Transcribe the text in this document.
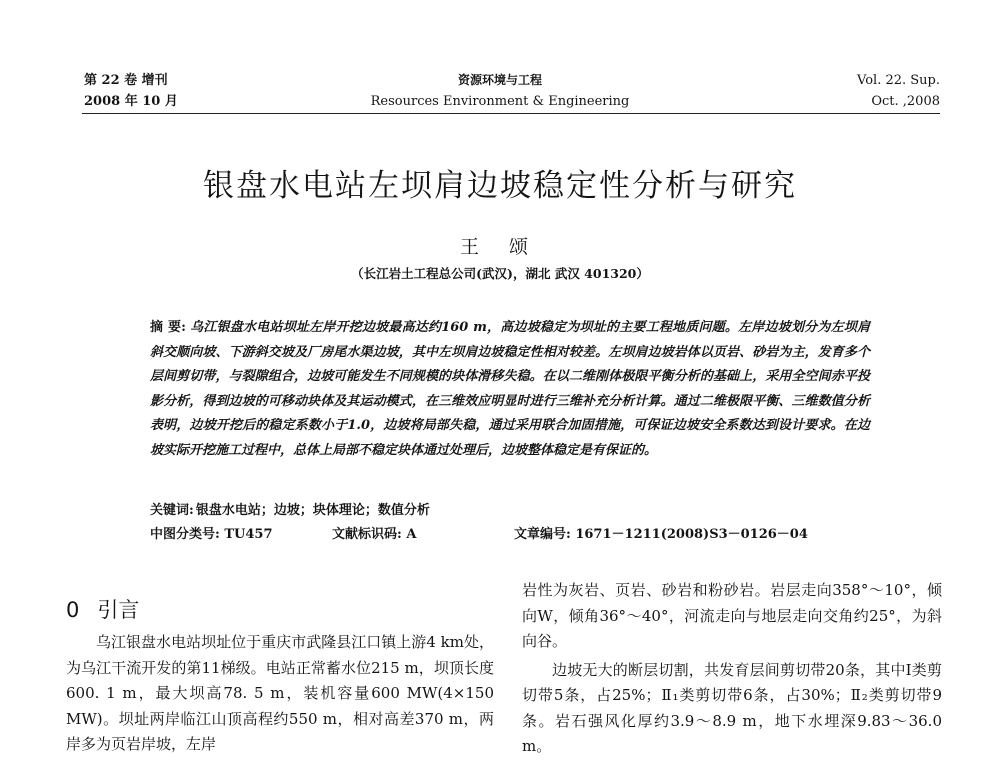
第 22 卷 增刊
2008 年 10 月
资源环境与工程
Resources Environment & Engineering
Vol. 22. Sup.
Oct. ,2008
银盘水电站左坝肩边坡稳定性分析与研究
王 颂
（长江岩土工程总公司(武汉)，湖北 武汉 401320）
摘 要: 乌江银盘水电站坝址左岸开挖边坡最高达约160 m，高边坡稳定为坝址的主要工程地质问题。左岸边坡划分为左坝肩斜交顺向坡、下游斜交坡及厂房尾水渠边坡，其中左坝肩边坡稳定性相对较差。左坝肩边坡岩体以页岩、砂岩为主，发育多个层间剪切带，与裂隙组合，边坡可能发生不同规模的块体滑移失稳。在以二维刚体极限平衡分析的基础上，采用全空间赤平投影分析，得到边坡的可移动块体及其运动模式，在三维效应明显时进行三维补充分析计算。通过二维极限平衡、三维数值分析表明，边坡开挖后的稳定系数小于1.0，边坡将局部失稳，通过采用联合加固措施，可保证边坡安全系数达到设计要求。在边坡实际开挖施工过程中，总体上局部不稳定块体通过处理后，边坡整体稳定是有保证的。
关键词: 银盘水电站；边坡；块体理论；数值分析
中图分类号: TU457	文献标识码: A	文章编号: 1671－1211(2008)S3－0126－04
0 引言

乌江银盘水电站坝址位于重庆市武隆县江口镇上游4 km处，为乌江干流开发的第11梯级。电站正常蓄水位215 m，坝顶长度600. 1 m，最大坝高78. 5 m，装机容量600 MW(4×150 MW)。坝址两岸临江山顶高程约550 m，相对高差370 m，两岸多为页岩岸坡，左岸

岩性为灰岩、页岩、砂岩和粉砂岩。岩层走向358°～10°，倾向W，倾角36°～40°，河流走向与地层走向交角约25°，为斜向谷。

边坡无大的断层切割，共发育层间剪切带20条，其中Ⅰ类剪切带5条，占25%；Ⅱ₁类剪切带6条，占30%；Ⅱ₂类剪切带9条。岩石强风化厚约3.9～8.9 m，地下水埋深9.83～36.0 m。
